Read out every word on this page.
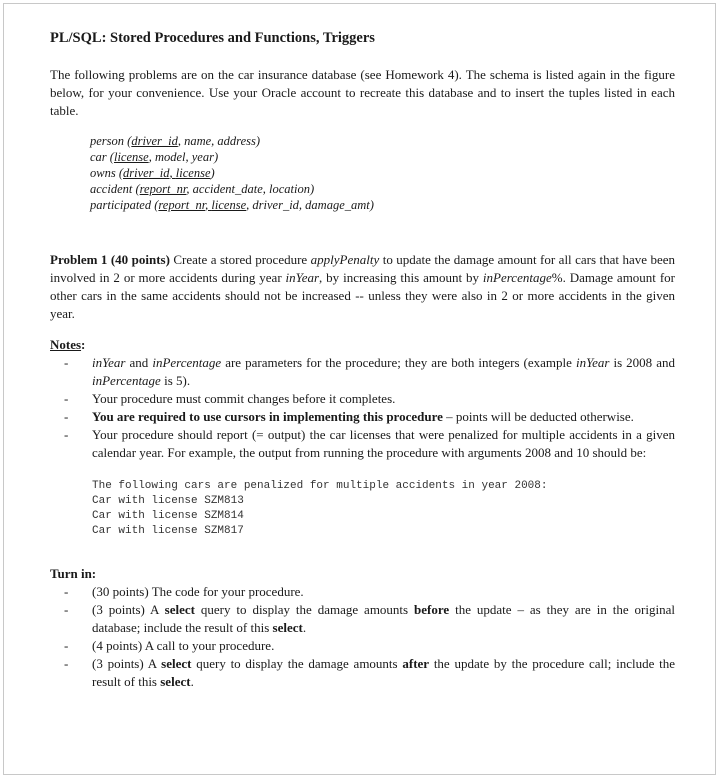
PL/SQL: Stored Procedures and Functions, Triggers

The following problems are on the car insurance database (see Homework 4). The schema is listed again in the figure below, for your convenience. Use your Oracle account to recreate this database and to insert the tuples listed in each table.

person (driver_id, name, address)
car (license, model, year)
owns (driver_id, license)
accident (report_nr, accident_date, location)
participated (report_nr, license, driver_id, damage_amt)

Problem 1 (40 points) Create a stored procedure applyPenalty to update the damage amount for all cars that have been involved in 2 or more accidents during year inYear, by increasing this amount by inPercentage%. Damage amount for other cars in the same accidents should not be increased -- unless they were also in 2 or more accidents in the given year.

Notes:
- inYear and inPercentage are parameters for the procedure; they are both integers (example inYear is 2008 and inPercentage is 5).
- Your procedure must commit changes before it completes.
- You are required to use cursors in implementing this procedure – points will be deducted otherwise.
- Your procedure should report (= output) the car licenses that were penalized for multiple accidents in a given calendar year. For example, the output from running the procedure with arguments 2008 and 10 should be:
The following cars are penalized for multiple accidents in year 2008:
Car with license SZM813
Car with license SZM814
Car with license SZM817
Turn in:
- (30 points) The code for your procedure.
- (3 points) A select query to display the damage amounts before the update – as they are in the original database; include the result of this select.
- (4 points) A call to your procedure.
- (3 points) A select query to display the damage amounts after the update by the procedure call; include the result of this select.
